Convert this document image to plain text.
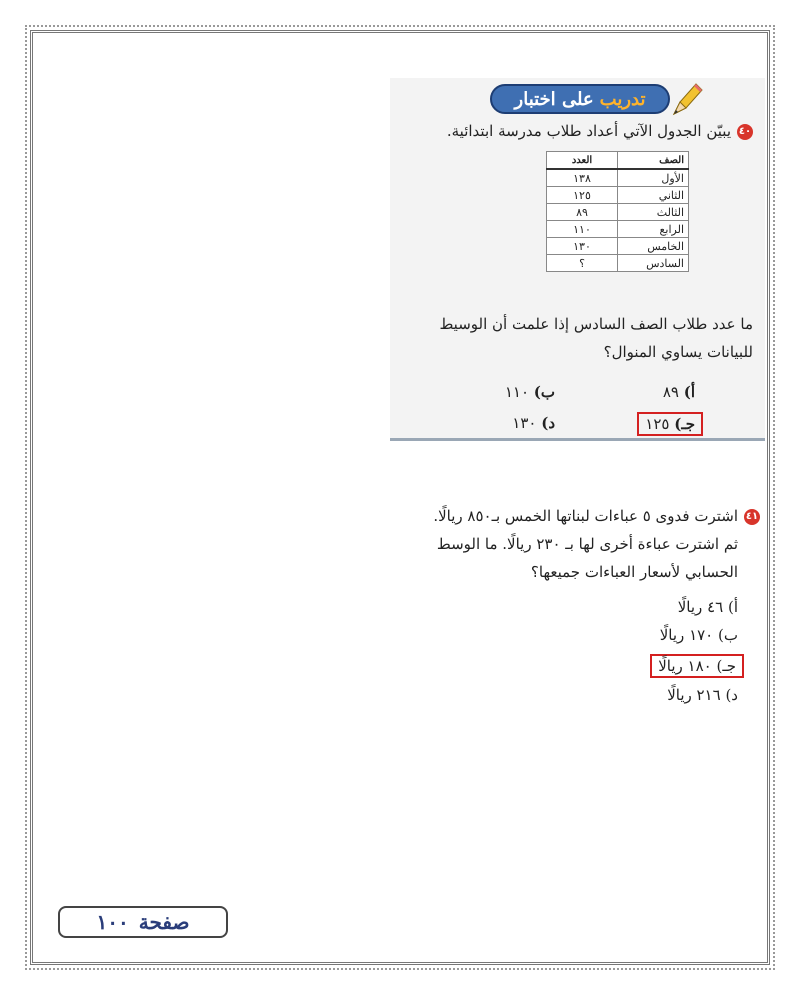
تدريب
على اختبار
٤٠يبيّن الجدول الآتي أعداد طلاب مدرسة ابتدائية.
الصف	العدد
الأول	١٣٨
الثاني	١٢٥
الثالث	٨٩
الرابع	١١٠
الخامس	١٣٠
السادس	؟
ما عدد طلاب الصف السادس إذا علمت أن الوسيط
للبيانات يساوي المنوال؟
أ) ٨٩
ب) ١١٠
جـ) ١٢٥
د) ١٣٠
٤١اشترت فدوى ٥ عباءات لبناتها الخمس بـ٨٥٠ ريالًا.
ثم اشترت عباءة أخرى لها بـ ٢٣٠ ريالًا. ما الوسط
الحسابي لأسعار العباءات جميعها؟
أ) ٤٦ ريالًا
ب) ١٧٠ ريالًا
جـ) ١٨٠ ريالًا
د) ٢١٦ ريالًا
صفحة
١٠٠
